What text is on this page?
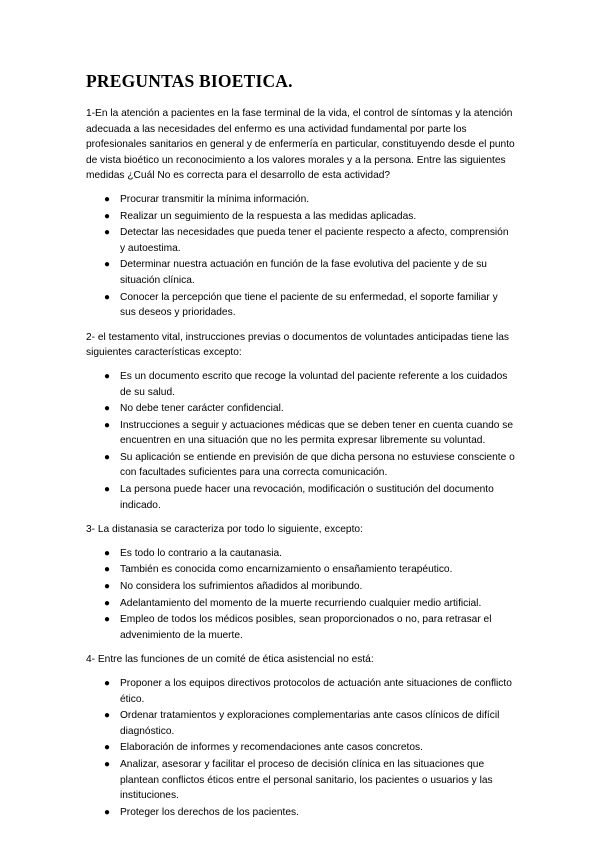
PREGUNTAS BIOETICA.

1-En la atención a pacientes en la fase terminal de la vida, el control de síntomas y la atención adecuada a las necesidades del enfermo es una actividad fundamental por parte los profesionales sanitarios en general y de enfermería en particular, constituyendo desde el punto de vista bioético un reconocimiento a los valores morales y a la persona. Entre las siguientes medidas ¿Cuál No es correcta para el desarrollo de esta actividad?

● Procurar transmitir la mínima información.
● Realizar un seguimiento de la respuesta a las medidas aplicadas.
● Detectar las necesidades que pueda tener el paciente respecto a afecto, comprensión y autoestima.
● Determinar nuestra actuación en función de la fase evolutiva del paciente y de su situación clínica.
● Conocer la percepción que tiene el paciente de su enfermedad, el soporte familiar y sus deseos y prioridades.

2- el testamento vital, instrucciones previas o documentos de voluntades anticipadas tiene las siguientes características excepto:

● Es un documento escrito que recoge la voluntad del paciente referente a los cuidados de su salud.
● No debe tener carácter confidencial.
● Instrucciones a seguir y actuaciones médicas que se deben tener en cuenta cuando se encuentren en una situación que no les permita expresar libremente su voluntad.
● Su aplicación se entiende en previsión de que dicha persona no estuviese consciente o con facultades suficientes para una correcta comunicación.
● La persona puede hacer una revocación, modificación o sustitución del documento indicado.

3- La distanasia se caracteriza por todo lo siguiente, excepto:

● Es todo lo contrario a la cautanasia.
● También es conocida como encarnizamiento o ensañamiento terapéutico.
● No considera los sufrimientos añadidos al moribundo.
● Adelantamiento del momento de la muerte recurriendo cualquier medio artificial.
● Empleo de todos los médicos posibles, sean proporcionados o no, para retrasar el advenimiento de la muerte.

4- Entre las funciones de un comité de ética asistencial no está:

● Proponer a los equipos directivos protocolos de actuación ante situaciones de conflicto ético.
● Ordenar tratamientos y exploraciones complementarias ante casos clínicos de difícil diagnóstico.
● Elaboración de informes y recomendaciones ante casos concretos.
● Analizar, asesorar y facilitar el proceso de decisión clínica en las situaciones que plantean conflictos éticos entre el personal sanitario, los pacientes o usuarios y las instituciones.
● Proteger los derechos de los pacientes.
